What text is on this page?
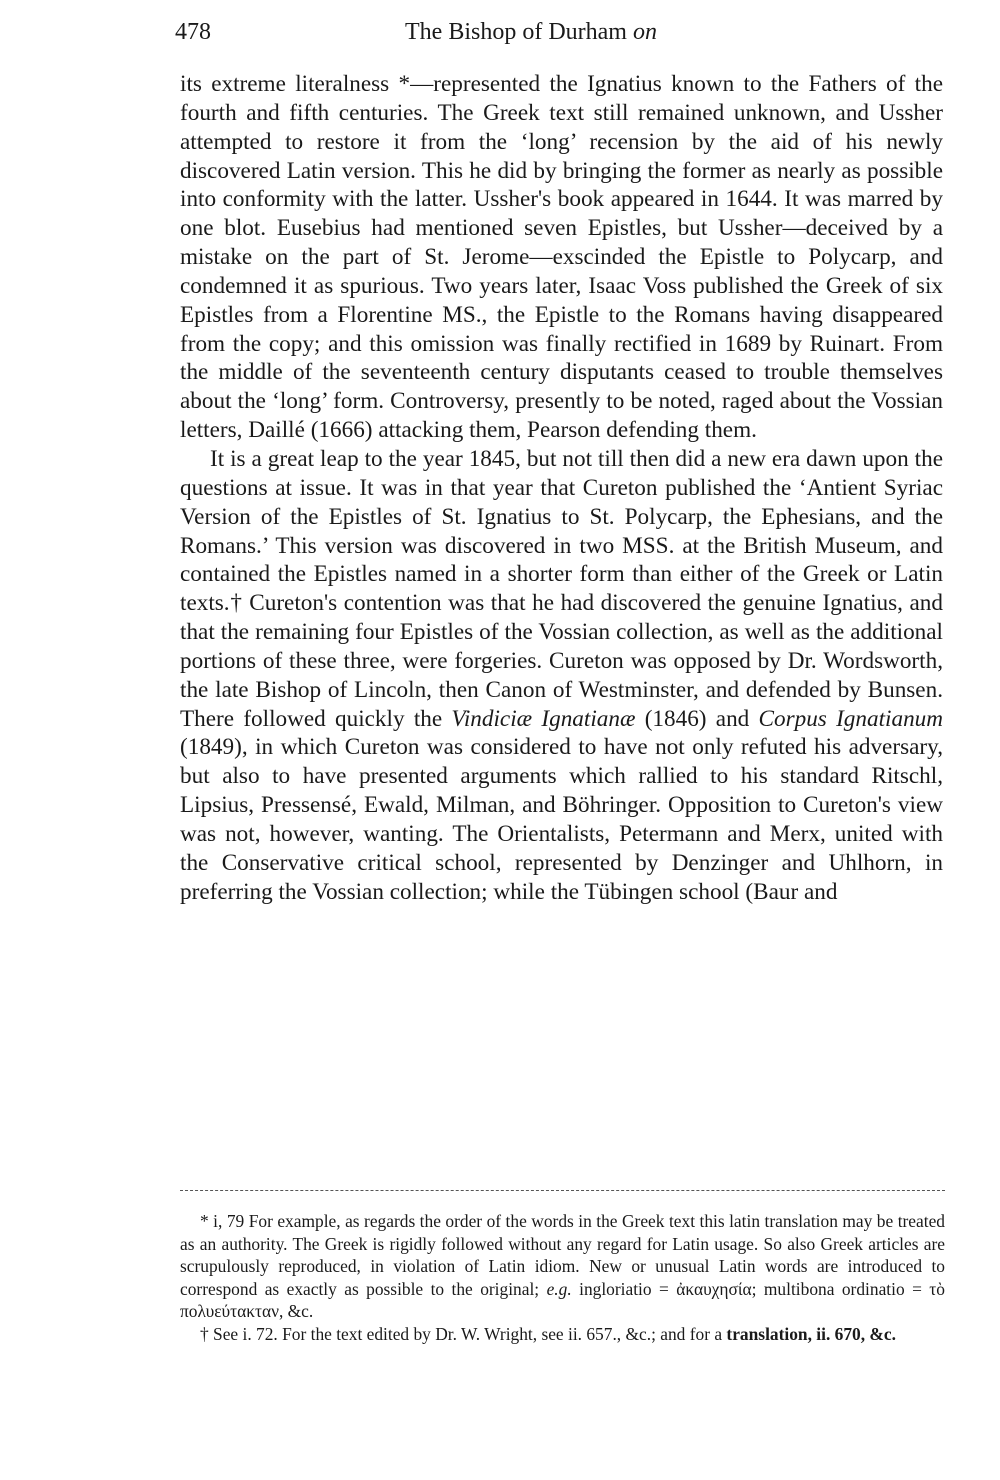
478	The Bishop of Durham on

its extreme literalness *—represented the Ignatius known to the Fathers of the fourth and fifth centuries. The Greek text still remained unknown, and Ussher attempted to restore it from the ‘long’ recension by the aid of his newly discovered Latin version. This he did by bringing the former as nearly as possible into conformity with the latter. Ussher's book appeared in 1644. It was marred by one blot. Eusebius had mentioned seven Epistles, but Ussher—deceived by a mistake on the part of St. Jerome—exscinded the Epistle to Polycarp, and condemned it as spurious. Two years later, Isaac Voss published the Greek of six Epistles from a Florentine MS., the Epistle to the Romans having disappeared from the copy; and this omission was finally rectified in 1689 by Ruinart. From the middle of the seventeenth century disputants ceased to trouble themselves about the ‘long’ form. Controversy, presently to be noted, raged about the Vossian letters, Daillé (1666) attacking them, Pearson defending them.

It is a great leap to the year 1845, but not till then did a new era dawn upon the questions at issue. It was in that year that Cureton published the ‘Antient Syriac Version of the Epistles of St. Ignatius to St. Polycarp, the Ephesians, and the Romans.’ This version was discovered in two MSS. at the British Museum, and contained the Epistles named in a shorter form than either of the Greek or Latin texts.† Cureton's contention was that he had discovered the genuine Ignatius, and that the remaining four Epistles of the Vossian collection, as well as the additional portions of these three, were forgeries. Cureton was opposed by Dr. Wordsworth, the late Bishop of Lincoln, then Canon of Westminster, and defended by Bunsen. There followed quickly the Vindiciæ Ignatianæ (1846) and Corpus Ignatianum (1849), in which Cureton was considered to have not only refuted his adversary, but also to have presented arguments which rallied to his standard Ritschl, Lipsius, Pressensé, Ewald, Milman, and Böhringer. Opposition to Cureton's view was not, however, wanting. The Orientalists, Petermann and Merx, united with the Conservative critical school, represented by Denzinger and Uhlhorn, in preferring the Vossian collection; while the Tübingen school (Baur and

* i, 79 For example, as regards the order of the words in the Greek text this latin translation may be treated as an authority. The Greek is rigidly followed without any regard for Latin usage. So also Greek articles are scrupulously reproduced, in violation of Latin idiom. New or unusual Latin words are introduced to correspond as exactly as possible to the original; e.g. ingloriatio = ἀκαυχησία; multibona ordinatio = τὸ πολυεύτακταν, &c.

† See i. 72. For the text edited by Dr. W. Wright, see ii. 657., &c.; and for a translation, ii. 670, &c.
